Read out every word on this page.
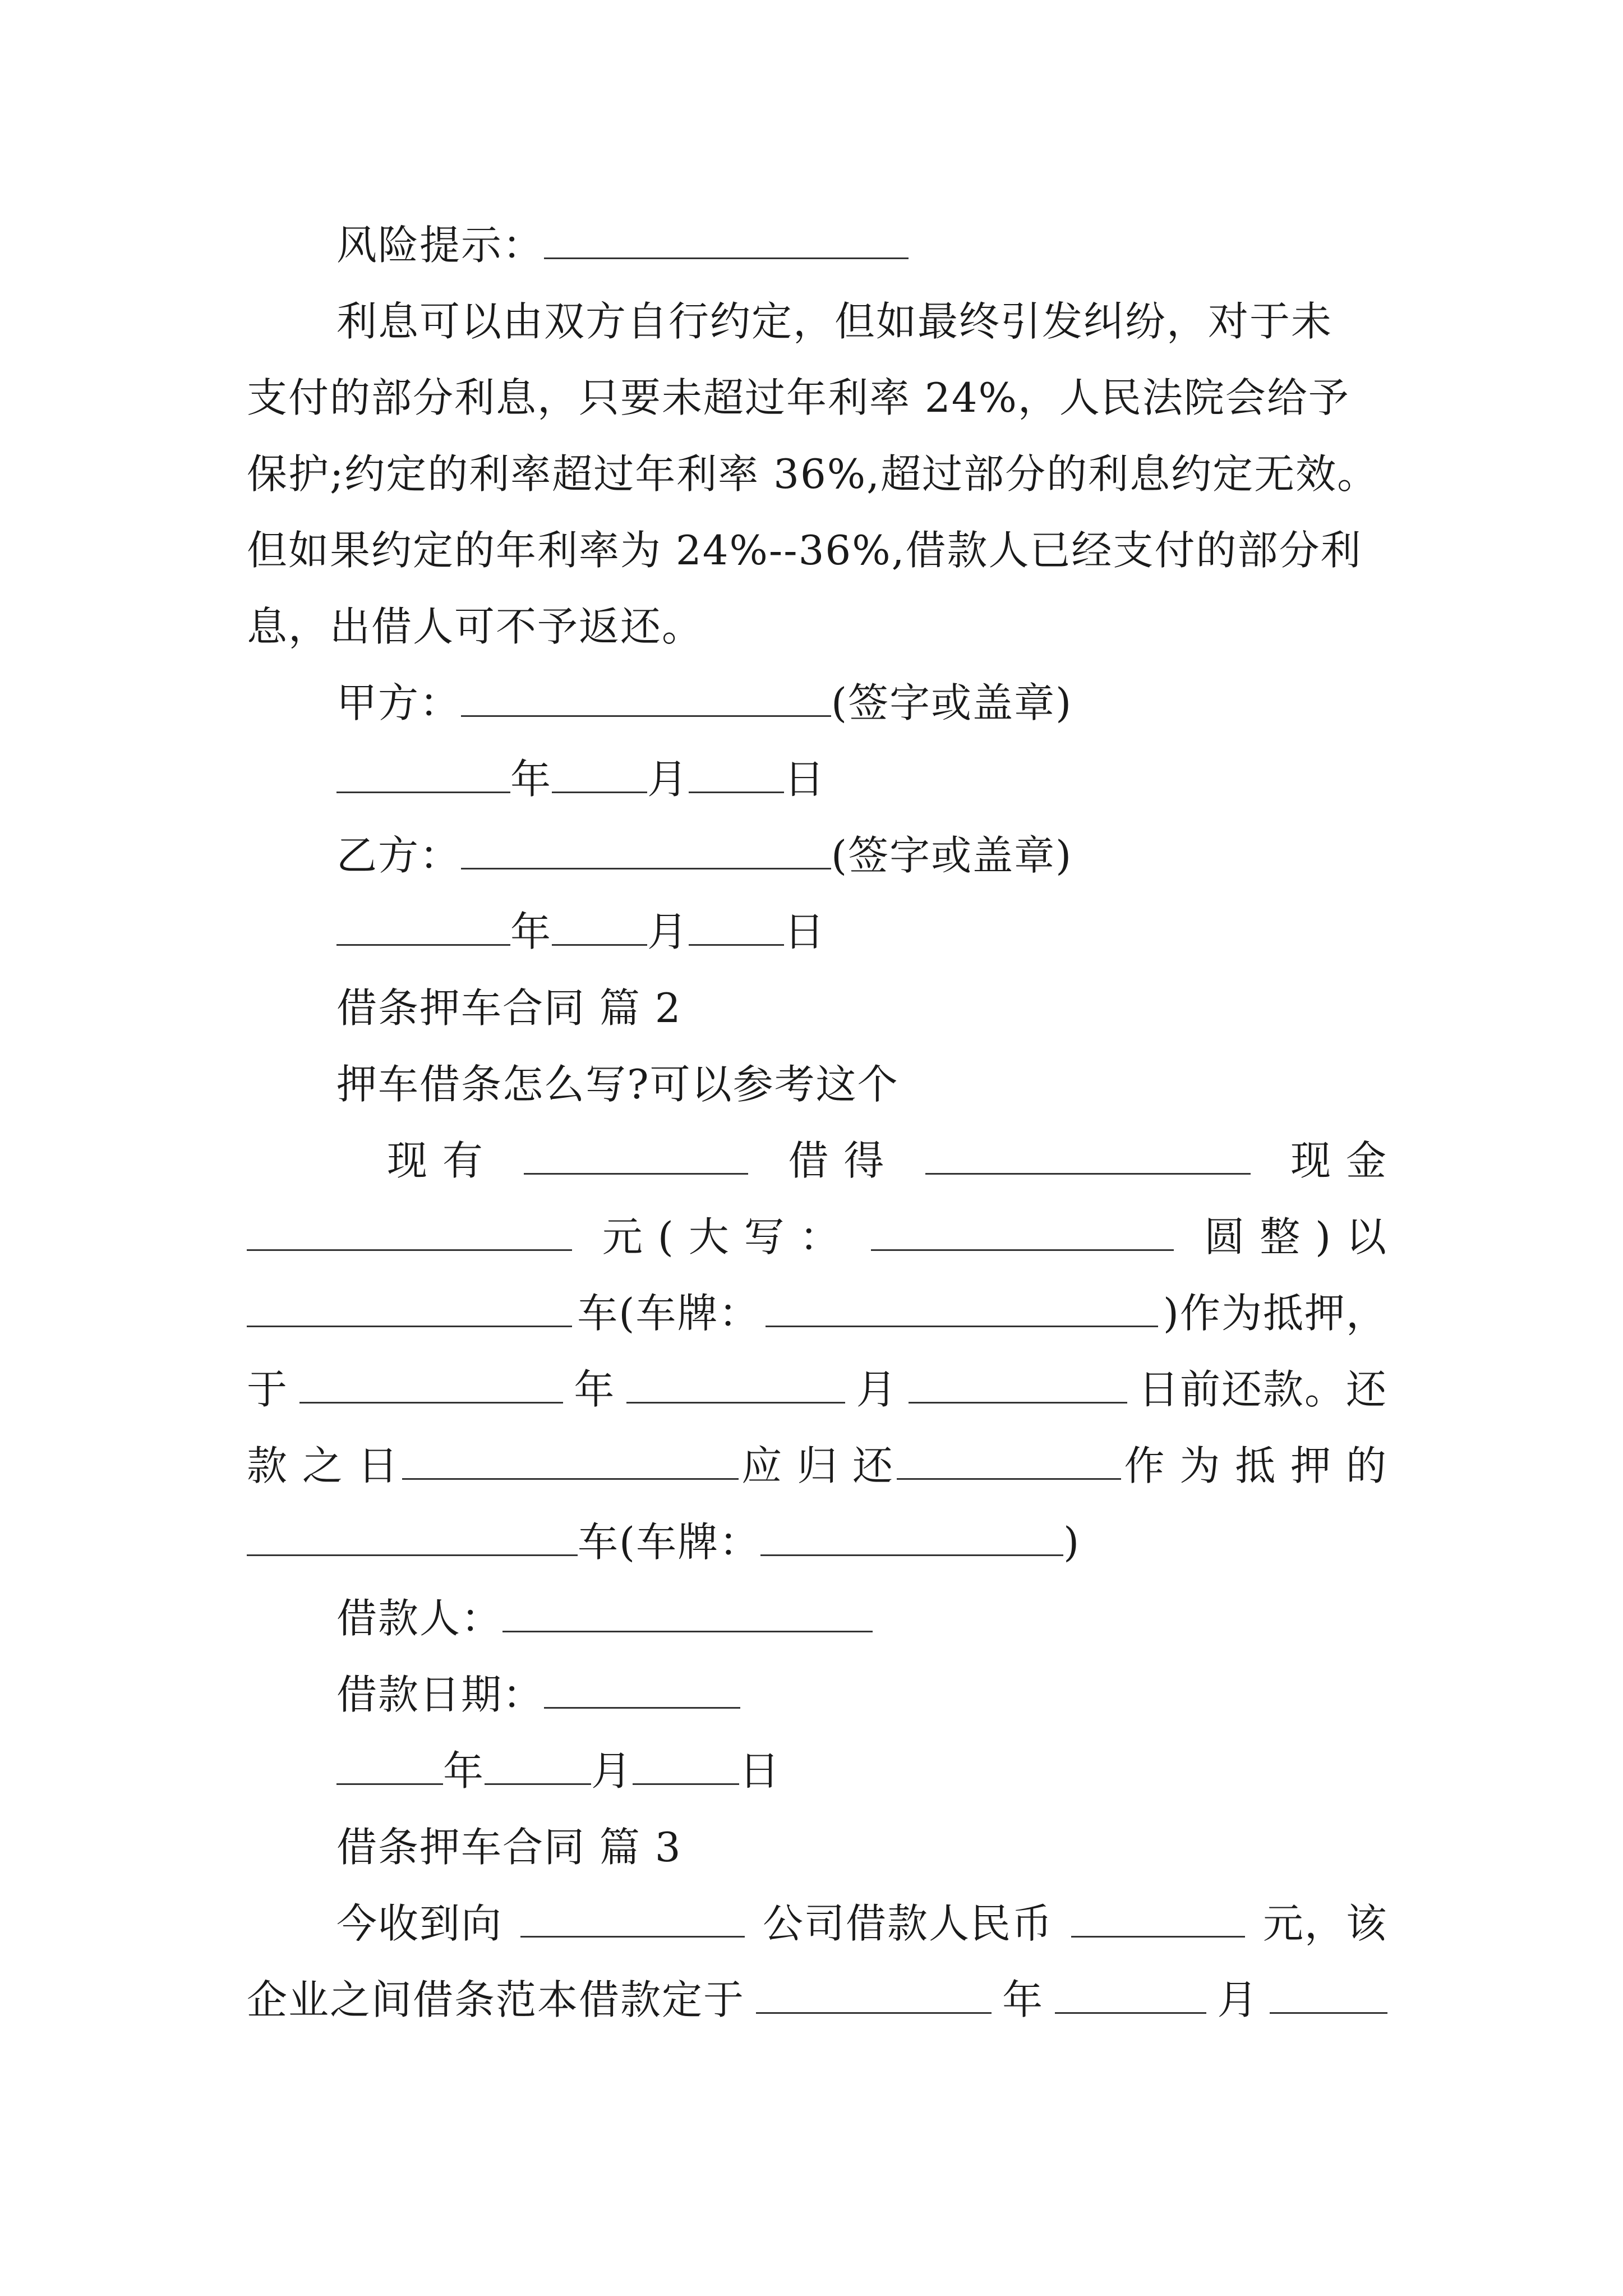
风险提示：
利息可以由双方自行约定，但如最终引发纠纷，对于未
支付的部分利息，只要未超过年利率 24%，人民法院会给予
保护;约定的利率超过年利率 36%,超过部分的利息约定无效。
但如果约定的年利率为 24%--36%,借款人已经支付的部分利
息，出借人可不予返还。
甲方：	(签字或盖章)
年 月 日
乙方：	(签字或盖章)
年 月 日
借条押车合同 篇 2
押车借条怎么写?可以参考这个
现 有	借 得	现 金
元 ( 大 写 ：	圆 整 ) 以
车(车牌：	)作为抵押，
于	年	月	日前还款。还
款 之 日	应 归 还	作 为 抵 押 的
车(车牌：	)
借款人：
借款日期：
年	月	日
借条押车合同 篇 3
今收到向	公司借款人民币	元，该
企业之间借条范本借款定于	年	月
